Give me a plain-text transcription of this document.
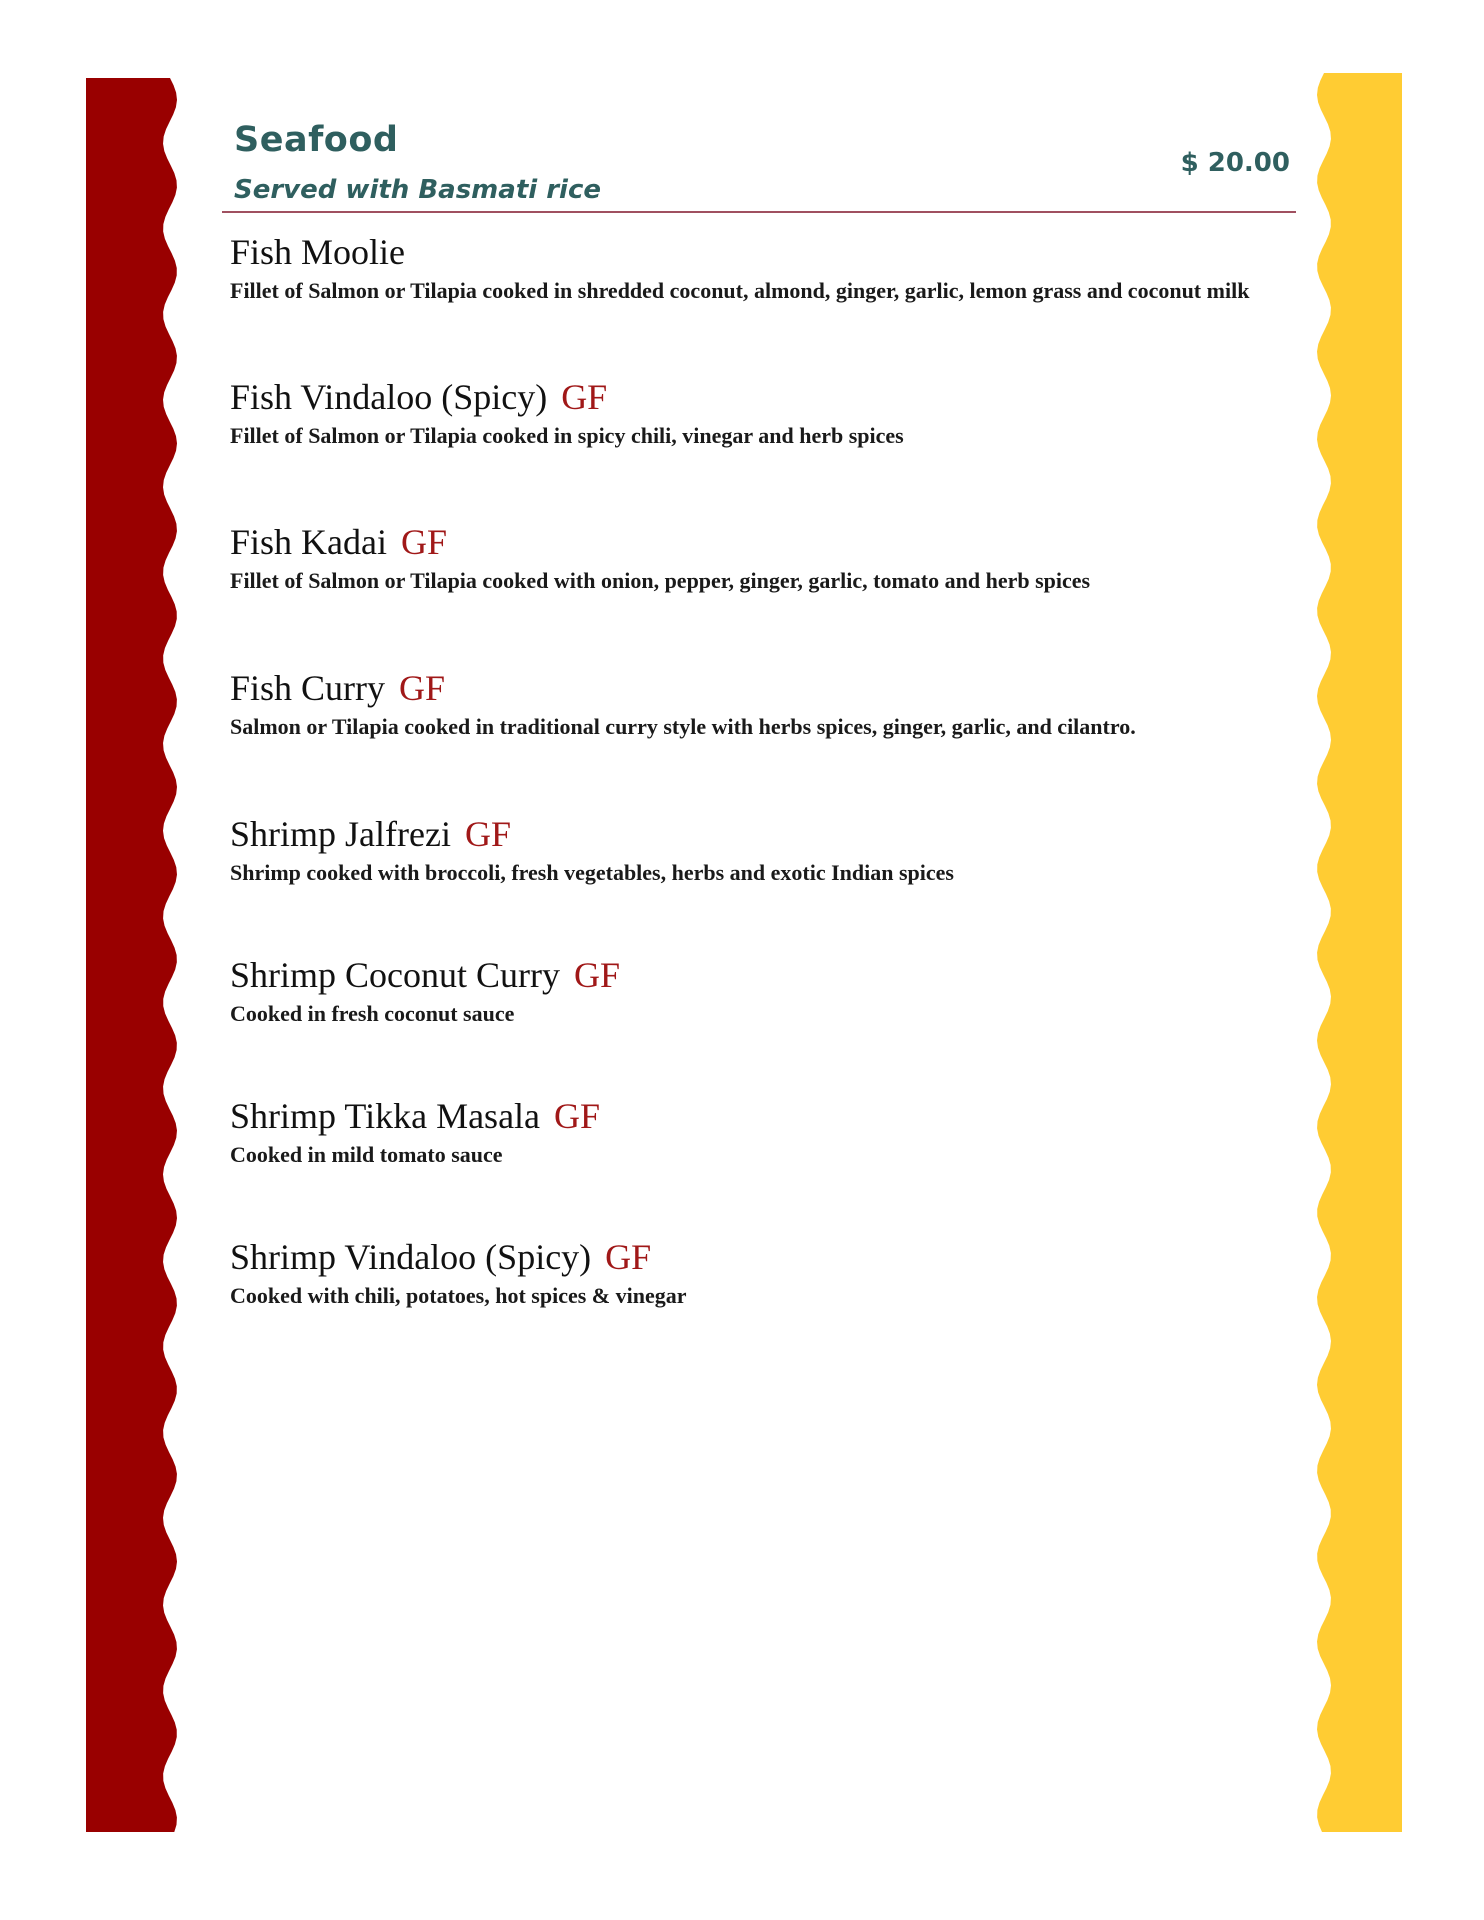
Seafood
Served with Basmati rice
$ 20.00
Fish Moolie
Fillet of Salmon or Tilapia cooked in shredded coconut, almond, ginger, garlic, lemon grass and coconut milk
Fish Vindaloo (Spicy) GF
Fillet of Salmon or Tilapia cooked in spicy chili, vinegar and herb spices
Fish Kadai GF
Fillet of Salmon or Tilapia cooked with onion, pepper, ginger, garlic, tomato and herb spices
Fish Curry GF
Salmon or Tilapia cooked in traditional curry style with herbs spices, ginger, garlic, and cilantro.
Shrimp Jalfrezi GF
Shrimp cooked with broccoli, fresh vegetables, herbs and exotic Indian spices
Shrimp Coconut Curry GF
Cooked in fresh coconut sauce
Shrimp Tikka Masala GF
Cooked in mild tomato sauce
Shrimp Vindaloo (Spicy) GF
Cooked with chili, potatoes, hot spices & vinegar
